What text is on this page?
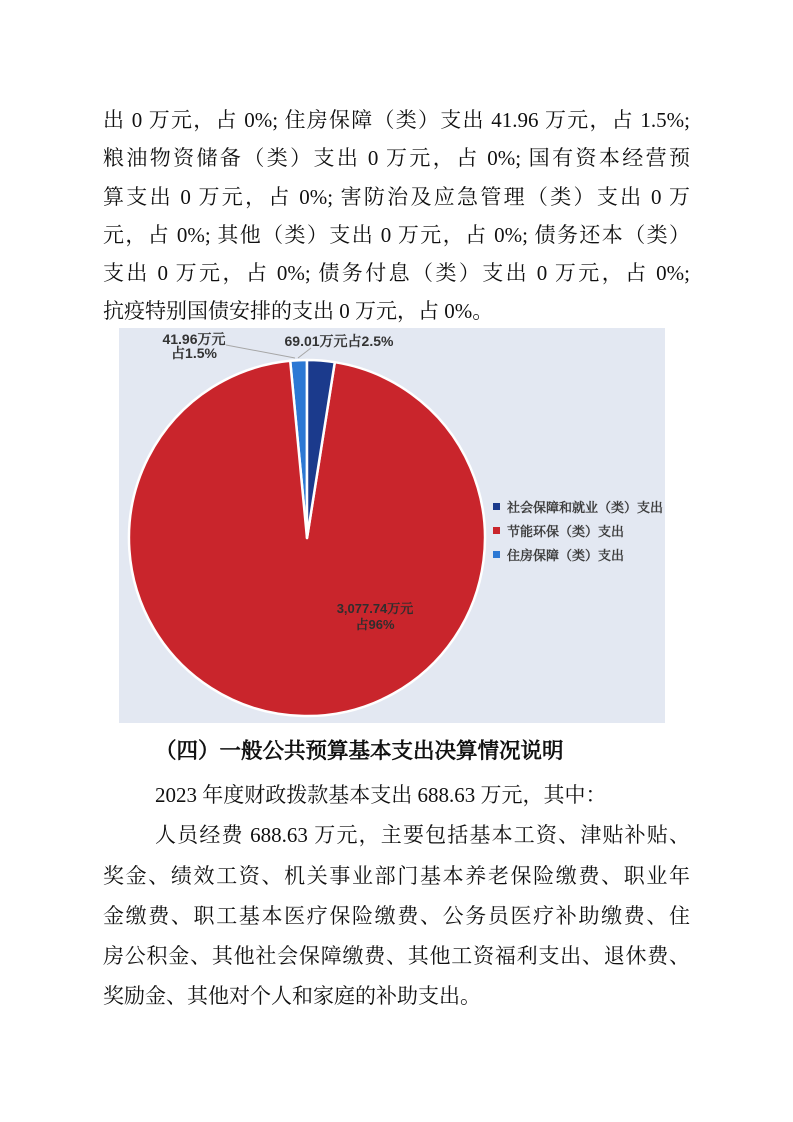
出 0 万元，占 0%; 住房保障（类）支出 41.96 万元，占 1.5%;
粮油物资储备（类）支出 0 万元，占 0%; 国有资本经营预
算支出 0 万元，占 0%; 害防治及应急管理（类）支出 0 万
元，占 0%; 其他（类）支出 0 万元，占 0%; 债务还本（类）
支出 0 万元，占 0%; 债务付息（类）支出 0 万元，占 0%;
抗疫特别国债安排的支出 0 万元，占 0%。
41.96万元
占1.5%
69.01万元占2.5%
3,077.74万元
占96%
社会保障和就业（类）支出
节能环保（类）支出
住房保障（类）支出
（四）一般公共预算基本支出决算情况说明
2023 年度财政拨款基本支出 688.63 万元，其中：
人员经费 688.63 万元，主要包括基本工资、津贴补贴、
奖金、绩效工资、机关事业部门基本养老保险缴费、职业年
金缴费、职工基本医疗保险缴费、公务员医疗补助缴费、住
房公积金、其他社会保障缴费、其他工资福利支出、退休费、
奖励金、其他对个人和家庭的补助支出。
